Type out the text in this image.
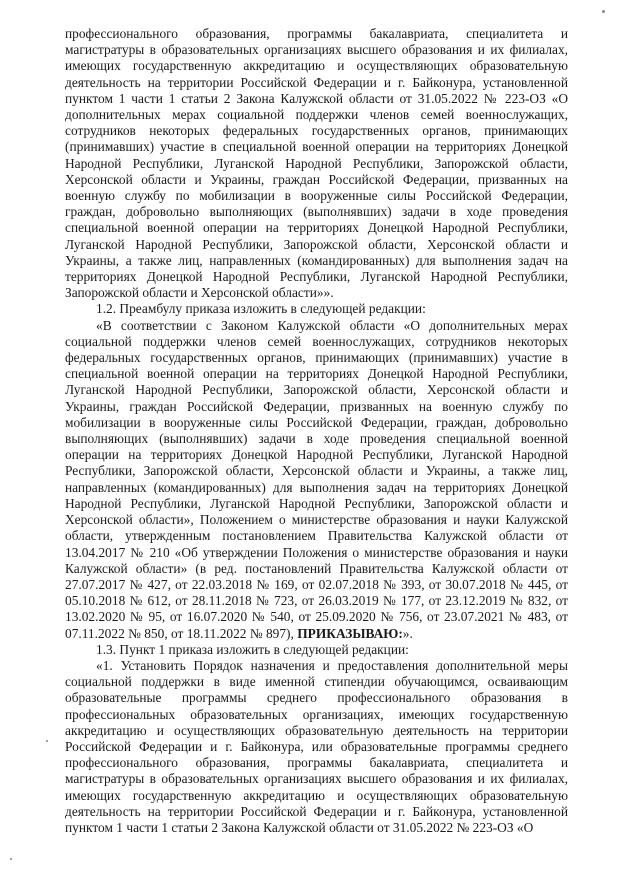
профессионального образования, программы бакалавриата, специалитета и магистратуры в образовательных организациях высшего образования и их филиалах, имеющих государственную аккредитацию и осуществляющих образовательную деятельность на территории Российской Федерации и г. Байконура, установленной пунктом 1 части 1 статьи 2 Закона Калужской области от 31.05.2022 № 223-ОЗ «О дополнительных мерах социальной поддержки членов семей военнослужащих, сотрудников некоторых федеральных государственных органов, принимающих (принимавших) участие в специальной военной операции на территориях Донецкой Народной Республики, Луганской Народной Республики, Запорожской области, Херсонской области и Украины, граждан Российской Федерации, призванных на военную службу по мобилизации в вооруженные силы Российской Федерации, граждан, добровольно выполняющих (выполнявших) задачи в ходе проведения специальной военной операции на территориях Донецкой Народной Республики, Луганской Народной Республики, Запорожской области, Херсонской области и Украины, а также лиц, направленных (командированных) для выполнения задач на территориях Донецкой Народной Республики, Луганской Народной Республики, Запорожской области и Херсонской области»».

1.2. Преамбулу приказа изложить в следующей редакции:

«В соответствии с Законом Калужской области «О дополнительных мерах социальной поддержки членов семей военнослужащих, сотрудников некоторых федеральных государственных органов, принимающих (принимавших) участие в специальной военной операции на территориях Донецкой Народной Республики, Луганской Народной Республики, Запорожской области, Херсонской области и Украины, граждан Российской Федерации, призванных на военную службу по мобилизации в вооруженные силы Российской Федерации, граждан, добровольно выполняющих (выполнявших) задачи в ходе проведения специальной военной операции на территориях Донецкой Народной Республики, Луганской Народной Республики, Запорожской области, Херсонской области и Украины, а также лиц, направленных (командированных) для выполнения задач на территориях Донецкой Народной Республики, Луганской Народной Республики, Запорожской области и Херсонской области», Положением о министерстве образования и науки Калужской области, утвержденным постановлением Правительства Калужской области от 13.04.2017 № 210 «Об утверждении Положения о министерстве образования и науки Калужской области» (в ред. постановлений Правительства Калужской области от 27.07.2017 № 427, от 22.03.2018 № 169, от 02.07.2018 № 393, от 30.07.2018 № 445, от 05.10.2018 № 612, от 28.11.2018 № 723, от 26.03.2019 № 177, от 23.12.2019 № 832, от 13.02.2020 № 95, от 16.07.2020 № 540, от 25.09.2020 № 756, от 23.07.2021 № 483, от 07.11.2022 № 850, от 18.11.2022 № 897), ПРИКАЗЫВАЮ:».

1.3. Пункт 1 приказа изложить в следующей редакции:

«1. Установить Порядок назначения и предоставления дополнительной меры социальной поддержки в виде именной стипендии обучающимся, осваивающим образовательные программы среднего профессионального образования в профессиональных образовательных организациях, имеющих государственную аккредитацию и осуществляющих образовательную деятельность на территории Российской Федерации и г. Байконура, или образовательные программы среднего профессионального образования, программы бакалавриата, специалитета и магистратуры в образовательных организациях высшего образования и их филиалах, имеющих государственную аккредитацию и осуществляющих образовательную деятельность на территории Российской Федерации и г. Байконура, установленной пунктом 1 части 1 статьи 2 Закона Калужской области от 31.05.2022 № 223-ОЗ «О
